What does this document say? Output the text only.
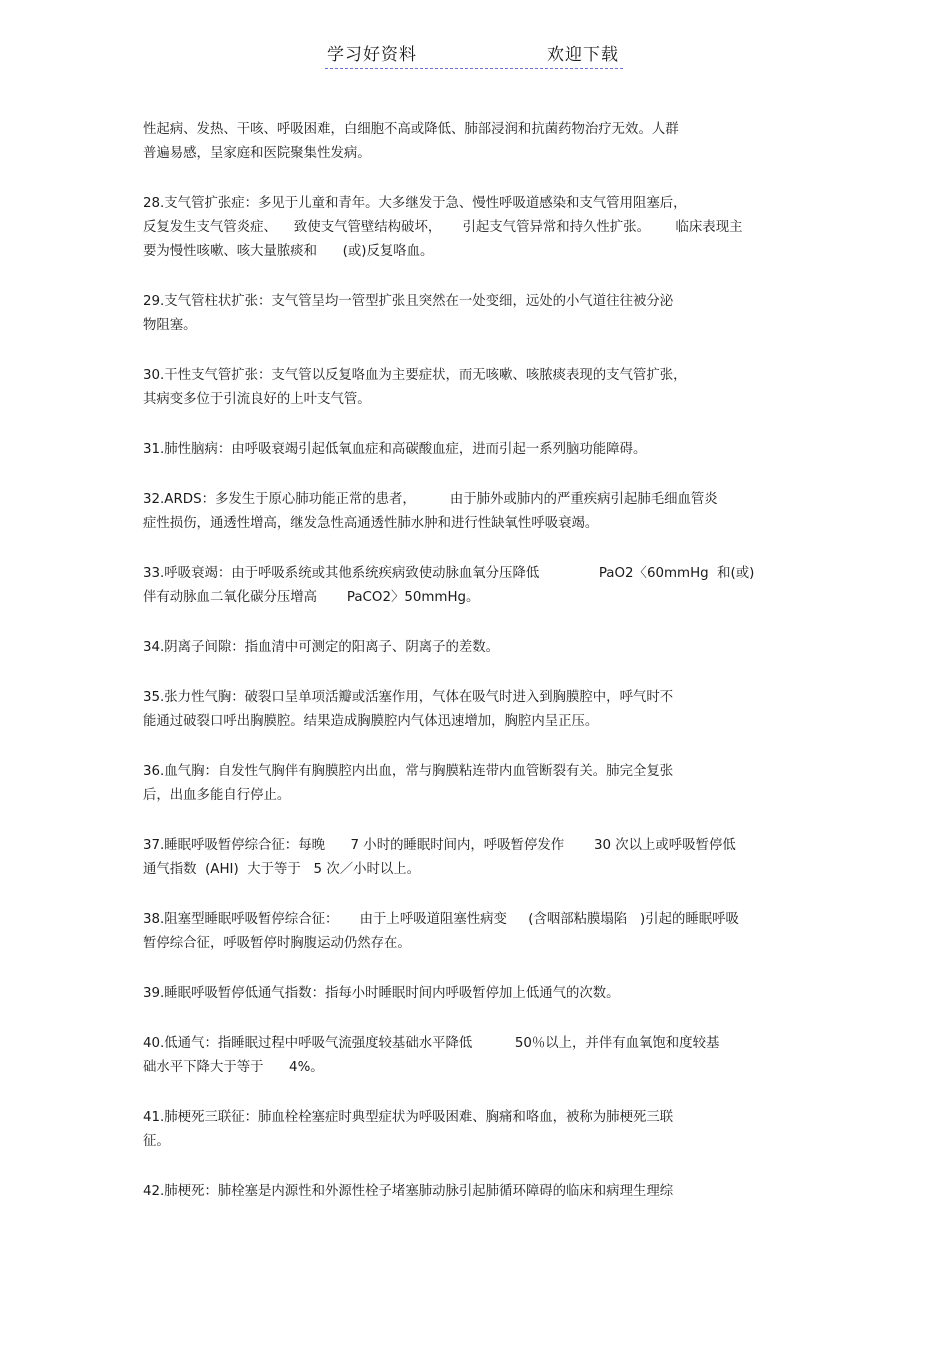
学习好资料	欢迎下载

性起病、发热、干咳、呼吸困难，白细胞不高或降低、肺部浸润和抗菌药物治疗无效。人群
普遍易感，呈家庭和医院聚集性发病。

28.支气管扩张症：多见于儿童和青年。大多继发于急、慢性呼吸道感染和支气管用阻塞后，
反复发生支气管炎症、    致使支气管壁结构破坏，     引起支气管异常和持久性扩张。      临床表现主
要为慢性咳嗽、咳大量脓痰和      (或)反复咯血。

29.支气管柱状扩张：支气管呈均一管型扩张且突然在一处变细，远处的小气道往往被分泌
物阻塞。

30.干性支气管扩张：支气管以反复咯血为主要症状，而无咳嗽、咳脓痰表现的支气管扩张，
其病变多位于引流良好的上叶支气管。

31.肺性脑病：由呼吸衰竭引起低氧血症和高碳酸血症，进而引起一系列脑功能障碍。

32.ARDS：多发生于原心肺功能正常的患者，        由于肺外或肺内的严重疾病引起肺毛细血管炎
症性损伤，通透性增高，继发急性高通透性肺水肿和进行性缺氧性呼吸衰竭。

33.呼吸衰竭：由于呼吸系统或其他系统疾病致使动脉血氧分压降低              PaO2〈60mmHg  和(或)
伴有动脉血二氧化碳分压增高       PaCO2〉50mmHg。

34.阴离子间隙：指血清中可测定的阳离子、阴离子的差数。

35.张力性气胸：破裂口呈单项活瓣或活塞作用，气体在吸气时进入到胸膜腔中，呼气时不
能通过破裂口呼出胸膜腔。结果造成胸膜腔内气体迅速增加，胸腔内呈正压。

36.血气胸：自发性气胸伴有胸膜腔内出血，常与胸膜粘连带内血管断裂有关。肺完全复张
后，出血多能自行停止。

37.睡眠呼吸暂停综合征：每晚      7 小时的睡眠时间内，呼吸暂停发作       30 次以上或呼吸暂停低
通气指数  (AHI)  大于等于   5 次／小时以上。

38.阻塞型睡眠呼吸暂停综合征：     由于上呼吸道阻塞性病变     (含咽部粘膜塌陷   )引起的睡眠呼吸
暂停综合征，呼吸暂停时胸腹运动仍然存在。

39.睡眠呼吸暂停低通气指数：指每小时睡眠时间内呼吸暂停加上低通气的次数。

40.低通气：指睡眠过程中呼吸气流强度较基础水平降低          50％以上，并伴有血氧饱和度较基
础水平下降大于等于      4%。

41.肺梗死三联征：肺血栓栓塞症时典型症状为呼吸困难、胸痛和咯血，被称为肺梗死三联
征。

42.肺梗死：肺栓塞是内源性和外源性栓子堵塞肺动脉引起肺循环障碍的临床和病理生理综
